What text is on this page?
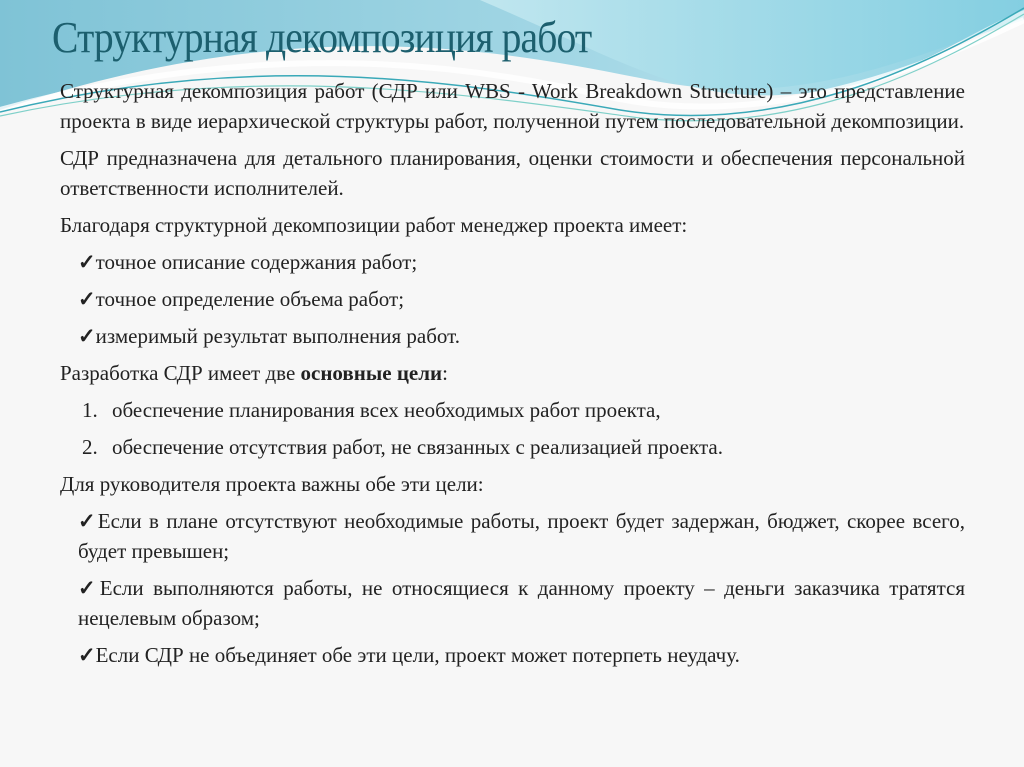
Структурная декомпозиция работ

Структурная декомпозиция работ (СДР или WBS - Work Breakdown Structure) – это представление проекта в виде иерархической структуры работ, полученной путем последовательной декомпозиции.

СДР предназначена для детального планирования, оценки стоимости и обеспечения персональной ответственности исполнителей.

Благодаря структурной декомпозиции работ менеджер проекта имеет:

✓ точное описание содержания работ;

✓ точное определение объема работ;

✓ измеримый результат выполнения работ.

Разработка СДР имеет две основные цели:

1. обеспечение планирования всех необходимых работ проекта,

2. обеспечение отсутствия работ, не связанных с реализацией проекта.

Для руководителя проекта важны обе эти цели:

✓ Если в плане отсутствуют необходимые работы, проект будет задержан, бюджет, скорее всего, будет превышен;

✓ Если выполняются работы, не относящиеся к данному проекту – деньги заказчика тратятся нецелевым образом;

✓ Если СДР не объединяет обе эти цели, проект может потерпеть неудачу.
